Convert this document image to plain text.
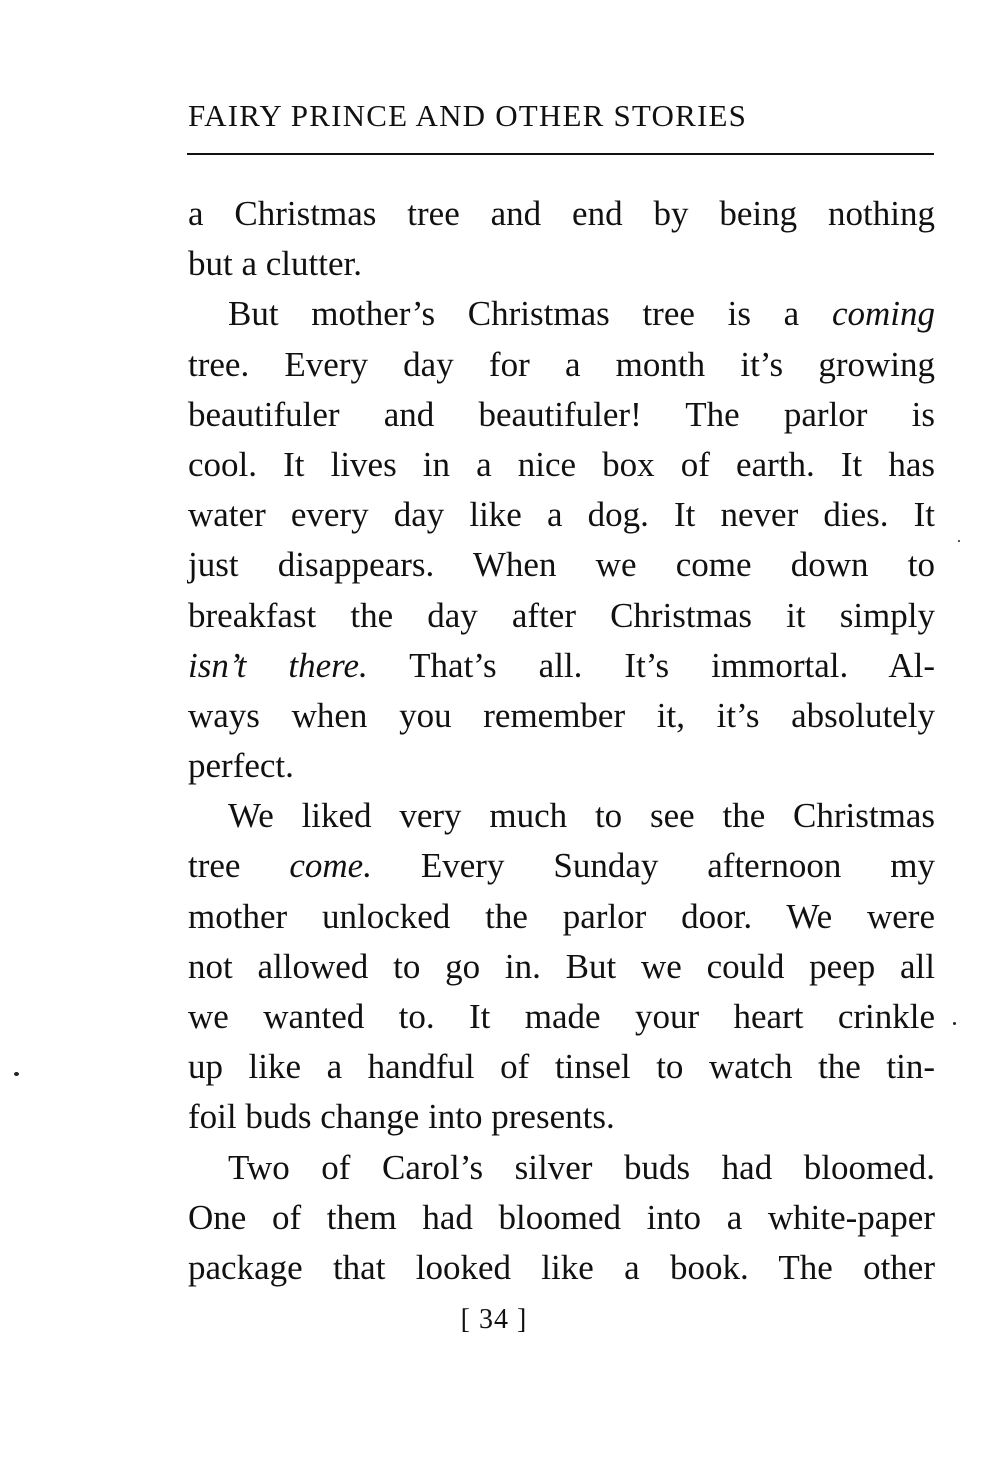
FAIRY PRINCE AND OTHER STORIES
a Christmas tree and end by being nothing
but a clutter.
But mother’s Christmas tree is a coming
tree. Every day for a month it’s growing
beautifuler and beautifuler! The parlor is
cool. It lives in a nice box of earth. It has
water every day like a dog. It never dies. It
just disappears. When we come down to
breakfast the day after Christmas it simply
isn’t there. That’s all. It’s immortal. Al-
ways when you remember it, it’s absolutely
perfect.
We liked very much to see the Christmas
tree come. Every Sunday afternoon my
mother unlocked the parlor door. We were
not allowed to go in. But we could peep all
we wanted to. It made your heart crinkle
up like a handful of tinsel to watch the tin-
foil buds change into presents.
Two of Carol’s silver buds had bloomed.
One of them had bloomed into a white-paper
package that looked like a book. The other
[ 34 ]
